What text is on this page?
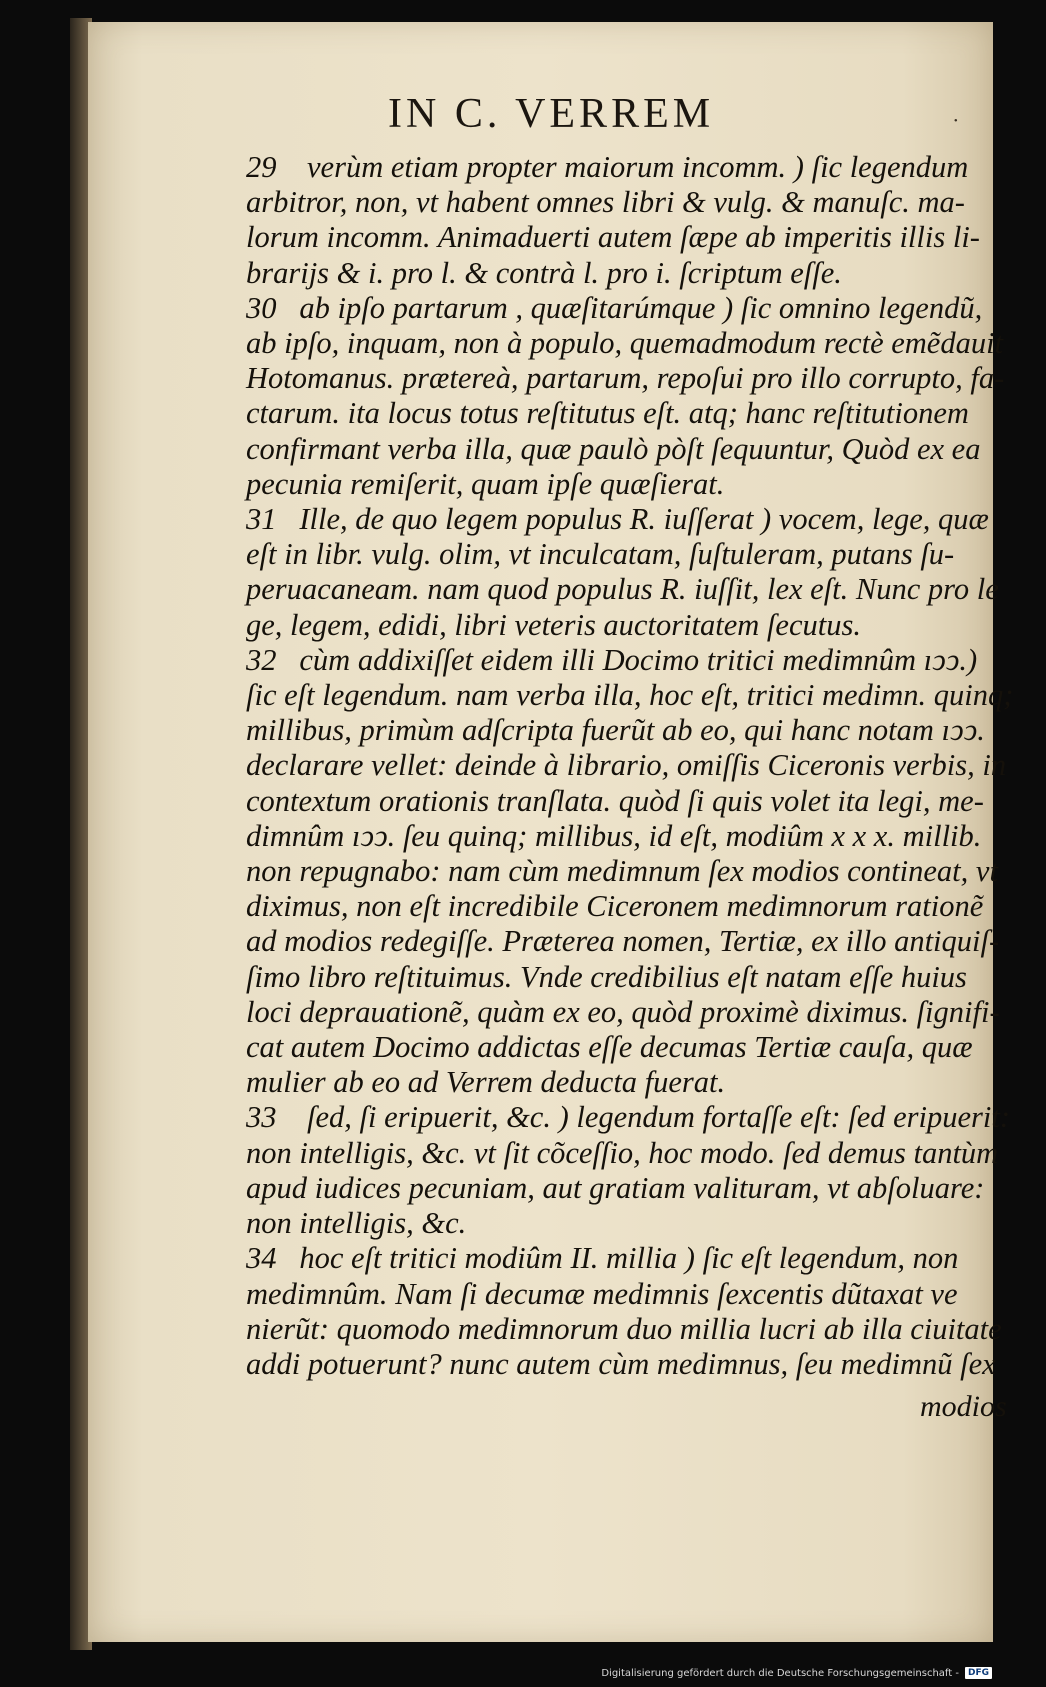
IN C. VERREM	·
29    verùm etiam propter maiorum incomm. ) ſic legendum
arbitror, non, vt habent omnes libri & vulg. & manuſc. ma-
lorum incomm. Animaduerti autem ſæpe ab imperitis illis li-
brarijs & i. pro l. & contrà l. pro i. ſcriptum eſſe.
30   ab ipſo partarum , quæſitarúmque ) ſic omnino legendũ,
ab ipſo, inquam, non à populo, quemadmodum rectè emẽdauit
Hotomanus. prætereà, partarum, repoſui pro illo corrupto, fa-
ctarum. ita locus totus reſtitutus eſt. atq; hanc reſtitutionem
confirmant verba illa, quæ paulò pòſt ſequuntur, Quòd ex ea
pecunia remiſerit, quam ipſe quæſierat.
31   Ille, de quo legem populus R. iuſſerat ) vocem, lege, quæ
eſt in libr. vulg. olim, vt inculcatam, ſuſtuleram, putans ſu-
peruacaneam. nam quod populus R. iuſſit, lex eſt. Nunc pro le
ge, legem, edidi, libri veteris auctoritatem ſecutus.
32   cùm addixiſſet eidem illi Docimo tritici medimnûm ıↄↄ.)
ſic eſt legendum. nam verba illa, hoc eſt, tritici medimn. quinq;
millibus, primùm adſcripta fuerũt ab eo, qui hanc notam ıↄↄ.
declarare vellet: deinde à librario, omiſſis Ciceronis verbis, in
contextum orationis tranſlata. quòd ſi quis volet ita legi, me-
dimnûm ıↄↄ. ſeu quinq; millibus, id eſt, modiûm x x x. millib.
non repugnabo: nam cùm medimnum ſex modios contineat, vt
diximus, non eſt incredibile Ciceronem medimnorum rationẽ
ad modios redegiſſe. Præterea nomen, Tertiæ, ex illo antiquiſ-
ſimo libro reſtituimus. Vnde credibilius eſt natam eſſe huius
loci deprauationẽ, quàm ex eo, quòd proximè diximus. ſignifi-
cat autem Docimo addictas eſſe decumas Tertiæ cauſa, quæ
mulier ab eo ad Verrem deducta fuerat.
33    ſed, ſi eripuerit, &c. ) legendum fortaſſe eſt: ſed eripuerit:
non intelligis, &c. vt ſit cõceſſio, hoc modo. ſed demus tantùm
apud iudices pecuniam, aut gratiam valituram, vt abſoluare:
non intelligis, &c.
34   hoc eſt tritici modiûm II. millia ) ſic eſt legendum, non
medimnûm. Nam ſi decumæ medimnis ſexcentis dũtaxat ve
nierũt: quomodo medimnorum duo millia lucri ab illa ciuitate
addi potuerunt? nunc autem cùm medimnus, ſeu medimnũ ſex
modios
Digitalisierung gefördert durch die Deutsche Forschungsgemeinschaft -	DFG
